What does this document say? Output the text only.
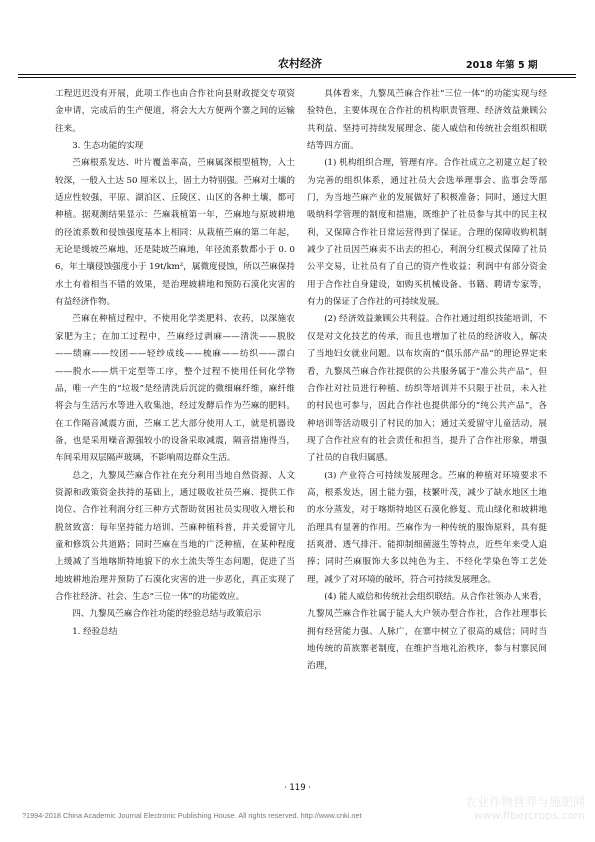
农村经济	2018 年第 5 期

工程迟迟没有开展，此项工作也由合作社向县财政提交专项资金申请，完成后的生产便道，将会大大方便两个寨之间的运输往来。

3. 生态功能的实现

苎麻根系发达、叶片覆盖率高，苎麻属深根型植物，入土较深，一般入土达 50 厘米以上，固土力特别强。苎麻对土壤的适应性较强，平原、湖泊区、丘陵区、山区的各种土壤，都可种植。据观测结果显示：苎麻栽植第一年，苎麻地与原坡耕地的径流系数和侵蚀强度基本上相同：从栽植苎麻的第二年起，无论是缓坡苎麻地，还是陡坡苎麻地，年径流系数都小于 0. 06，年土壤侵蚀强度小于 19t/km²，属微度侵蚀，所以苎麻保持水土有着相当不错的效果，是治理坡耕地和预防石漠化灾害的有益经济作物。

苎麻在种植过程中，不使用化学类肥料、农药，以深施农家肥为主；在加工过程中，苎麻经过剥麻——清洗——脱胶——绩麻——绞团——轻纱成线——梳麻——纺织——漂白——脱水——烘干定型等工序，整个过程不使用任何化学物品，唯一产生的“垃圾”是经清洗后沉淀的微细麻纤维，麻纤维将会与生活污水等进入收集池，经过发酵后作为苎麻的肥料。在工作隔音减震方面，苎麻工艺大部分使用人工，就是机器设备，也是采用噪音源强较小的设备采取减震，隔音措施得当，车间采用双层隔声玻璃，不影响周边群众生活。

总之，九黎凤苎麻合作社在充分利用当地自然资源、人文资源和政策资金扶持的基础上，通过吸收社员苎麻、提供工作岗位、合作社利润分红三种方式帮助贫困社员实现收入增长和脱贫致富：每年坚持能力培训、苎麻种植科普，并关爱留守儿童和修筑公共道路；同时苎麻在当地的广泛种植，在某种程度上缓减了当地喀斯特地貌下的水土流失等生态问题，促进了当地坡耕地治理并预防了石漠化灾害的进一步恶化，真正实现了合作社经济、社会、生态“三位一体”的功能效应。

四、九黎凤苎麻合作社功能的经验总结与政策启示

1. 经验总结

具体看来，九黎凤苎麻合作社“三位一体”的功能实现与经验特色，主要体现在合作社的机构职责管理、经济效益兼顾公共利益、坚持可持续发展理念、能人威信和传统社会组织相联结等四方面。

(1) 机构组织合理，管理有序。合作社成立之初建立起了较为完善的组织体系，通过社员大会选举理事会、监事会等部门，为当地苎麻产业的发展做好了积极准备；同时，通过大胆吸纳科学管理的制度和措施，既维护了社员参与其中的民主权利，又保障合作社日常运营得到了保证。合理的保障收购机制减少了社员因苎麻卖不出去的担心，利润分红模式保障了社员公平交易，让社员有了自己的资产性收益；利润中有部分资金用于合作社自身建设，如购买机械设备、书籍、聘请专家等，有力的保证了合作社的可持续发展。

(2) 经济效益兼顾公共利益。合作社通过组织技能培训，不仅是对文化技艺的传承，而且也增加了社员的经济收入，解决了当地妇女就业问题。以布坎南的“俱乐部产品”的理论界定来看，九黎凤苎麻合作社提供的公共服务属于“准公共产品”，但合作社对社员进行种植、纺织等培训并不只限于社员，未入社的村民也可参与，因此合作社也提供部分的“纯公共产品”，各种培训等活动吸引了村民的加入；通过关爱留守儿童活动，展现了合作社应有的社会责任和担当，提升了合作社形象，增强了社员的自我归属感。

(3) 产业符合可持续发展理念。苎麻的种植对环境要求不高，根系发达，固土能力强，枝繁叶茂，减少了缺水地区土地的水分蒸发，对于喀斯特地区石漠化修复、荒山绿化和坡耕地治理具有显著的作用。苎麻作为一种传统的服饰原料，具有挺括爽滑、透气排汗、能抑制细菌滋生等特点，近些年来受人追捧；同时苎麻服饰大多以纯色为主、不经化学染色等工艺处理，减少了对环境的破坏，符合可持续发展理念。

(4) 能人威信和传统社会组织联结。从合作社领办人来看，九黎凤苎麻合作社属于能人大户领办型合作社，合作社理事长拥有经营能力强、人脉广，在寨中树立了很高的威信；同时当地传统的苗族寨老制度，在维护当地礼治秩序，参与村寨民间治理，

· 119 ·
?1994-2018 China Academic Journal Electronic Publishing House. All rights reserved. http://www.cnki.net
农业作物营养与施肥网
www.fibercrops.com
